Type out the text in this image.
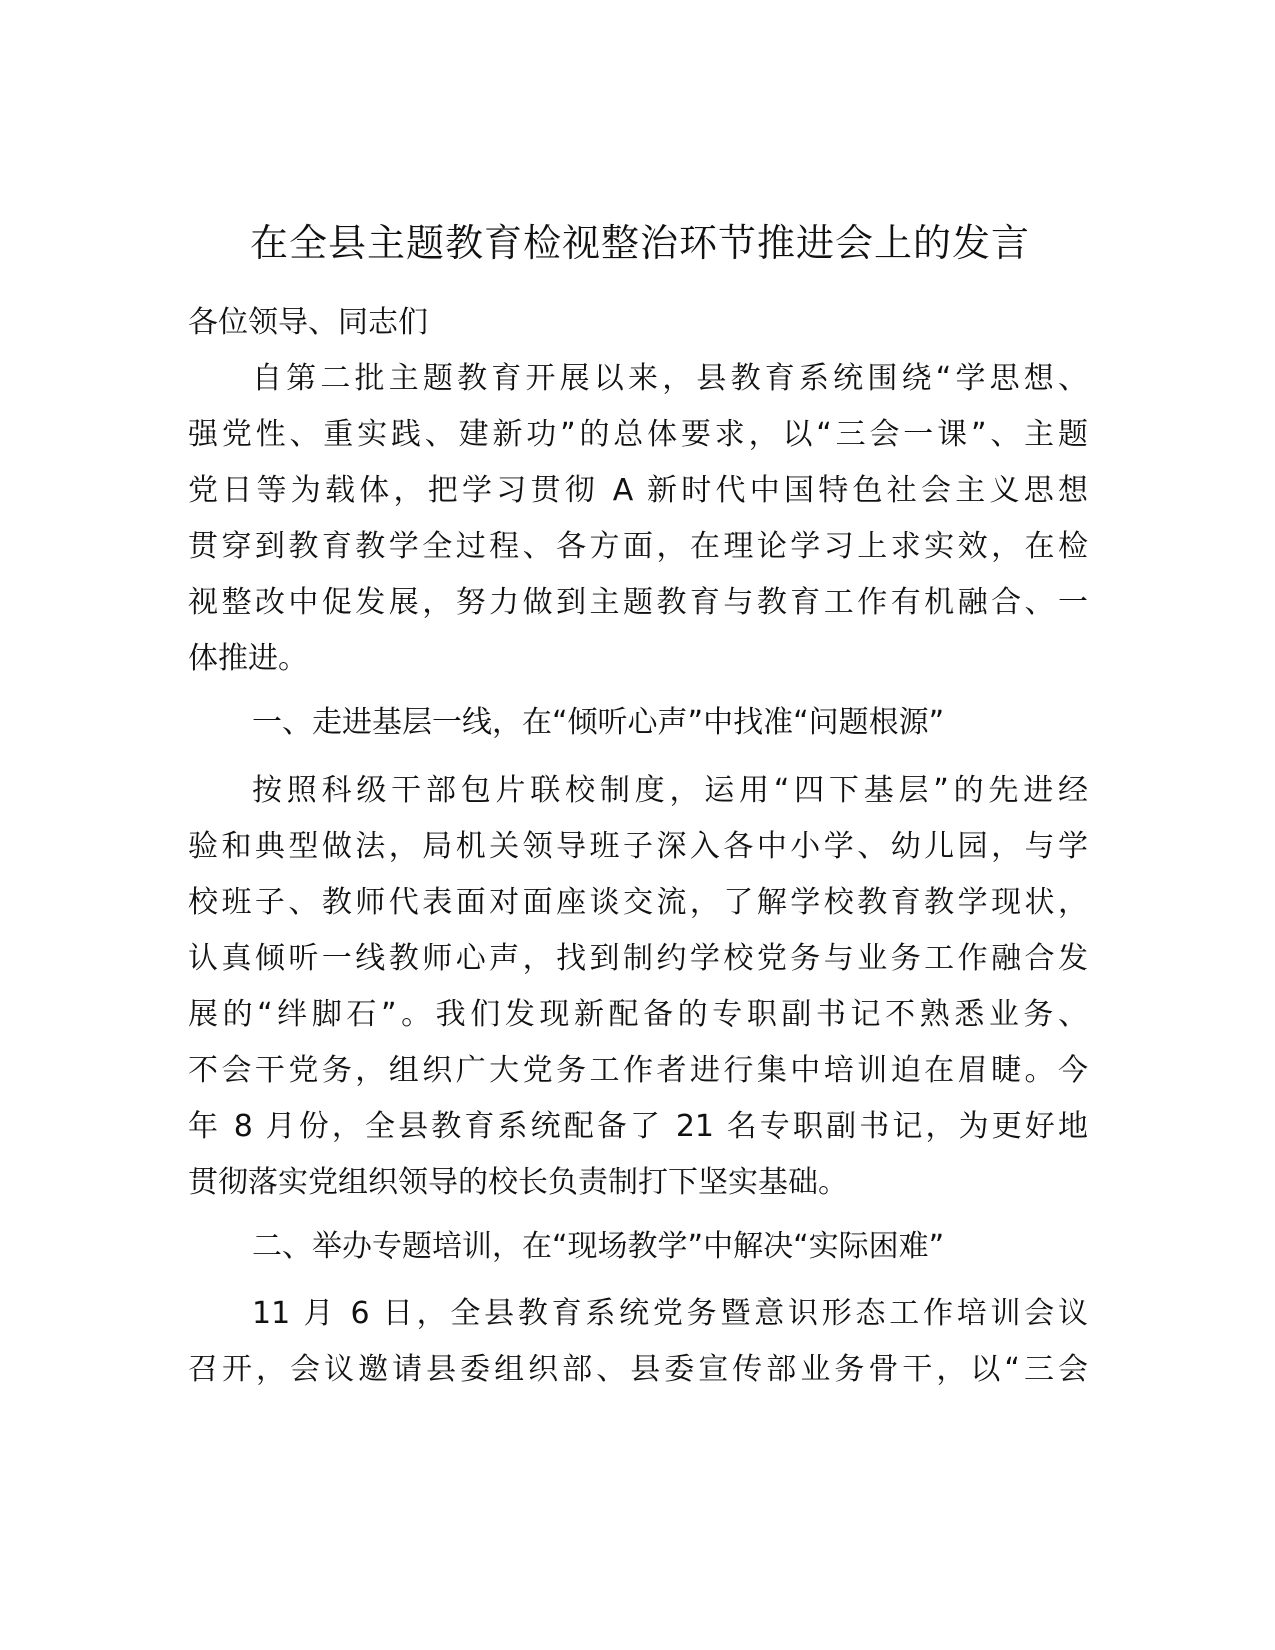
在全县主题教育检视整治环节推进会上的发言

各位领导、同志们

自第二批主题教育开展以来，县教育系统围绕“学思想、

强党性、重实践、建新功”的总体要求，以“三会一课”、主题

党日等为载体，把学习贯彻 A 新时代中国特色社会主义思想

贯穿到教育教学全过程、各方面，在理论学习上求实效，在检

视整改中促发展，努力做到主题教育与教育工作有机融合、一

体推进。

一、走进基层一线，在“倾听心声”中找准“问题根源”

按照科级干部包片联校制度，运用“四下基层”的先进经

验和典型做法，局机关领导班子深入各中小学、幼儿园，与学

校班子、教师代表面对面座谈交流，了解学校教育教学现状，

认真倾听一线教师心声，找到制约学校党务与业务工作融合发

展的“绊脚石”。我们发现新配备的专职副书记不熟悉业务、

不会干党务，组织广大党务工作者进行集中培训迫在眉睫。今

年 8 月份，全县教育系统配备了 21 名专职副书记，为更好地

贯彻落实党组织领导的校长负责制打下坚实基础。

二、举办专题培训，在“现场教学”中解决“实际困难”

11 月 6 日，全县教育系统党务暨意识形态工作培训会议

召开，会议邀请县委组织部、县委宣传部业务骨干，以“三会
